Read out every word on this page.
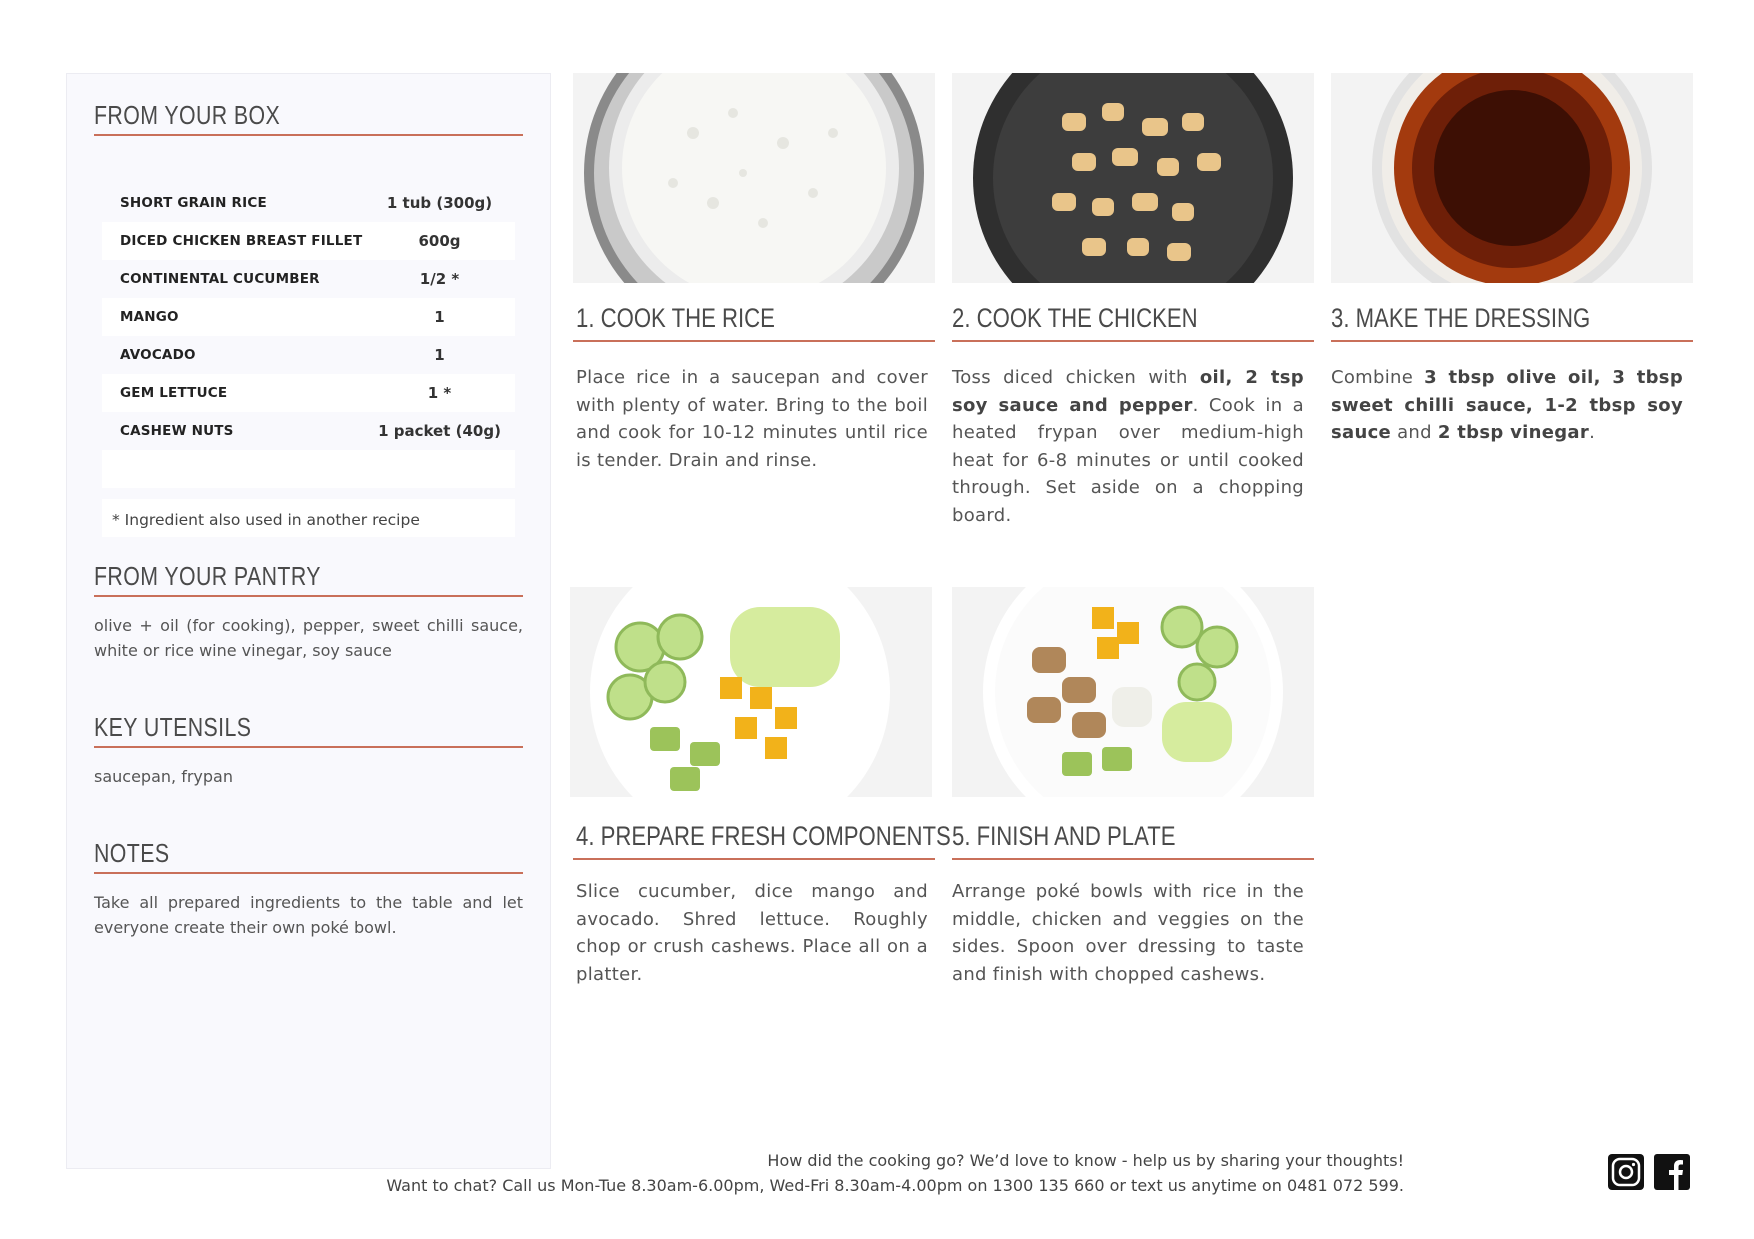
FROM YOUR BOX
SHORT GRAIN RICE	1 tub (300g)
DICED CHICKEN BREAST FILLET	600g
CONTINENTAL CUCUMBER	1/2 *
MANGO	1
AVOCADO	1
GEM LETTUCE	1 *
CASHEW NUTS	1 packet (40g)
* Ingredient also used in another recipe
FROM YOUR PANTRY
olive + oil (for cooking), pepper, sweet chilli sauce, white or rice wine vinegar, soy sauce
KEY UTENSILS
saucepan, frypan
NOTES
Take all prepared ingredients to the table and let everyone create their own poké bowl.
1. COOK THE RICE
Place rice in a saucepan and cover with plenty of water. Bring to the boil and cook for 10-12 minutes until rice is tender. Drain and rinse.
2. COOK THE CHICKEN
Toss diced chicken with oil, 2 tsp soy sauce and pepper. Cook in a heated frypan over medium-high heat for 6-8 minutes or until cooked through. Set aside on a chopping board.
3. MAKE THE DRESSING
Combine 3 tbsp olive oil, 3 tbsp sweet chilli sauce, 1-2 tbsp soy sauce and 2 tbsp vinegar.
4. PREPARE FRESH COMPONENTS
Slice cucumber, dice mango and avocado. Shred lettuce. Roughly chop or crush cashews. Place all on a platter.
5. FINISH AND PLATE
Arrange poké bowls with rice in the middle, chicken and veggies on the sides. Spoon over dressing to taste and finish with chopped cashews.
How did the cooking go? We’d love to know - help us by sharing your thoughts!
Want to chat? Call us Mon-Tue 8.30am-6.00pm, Wed-Fri 8.30am-4.00pm on 1300 135 660 or text us anytime on 0481 072 599.
